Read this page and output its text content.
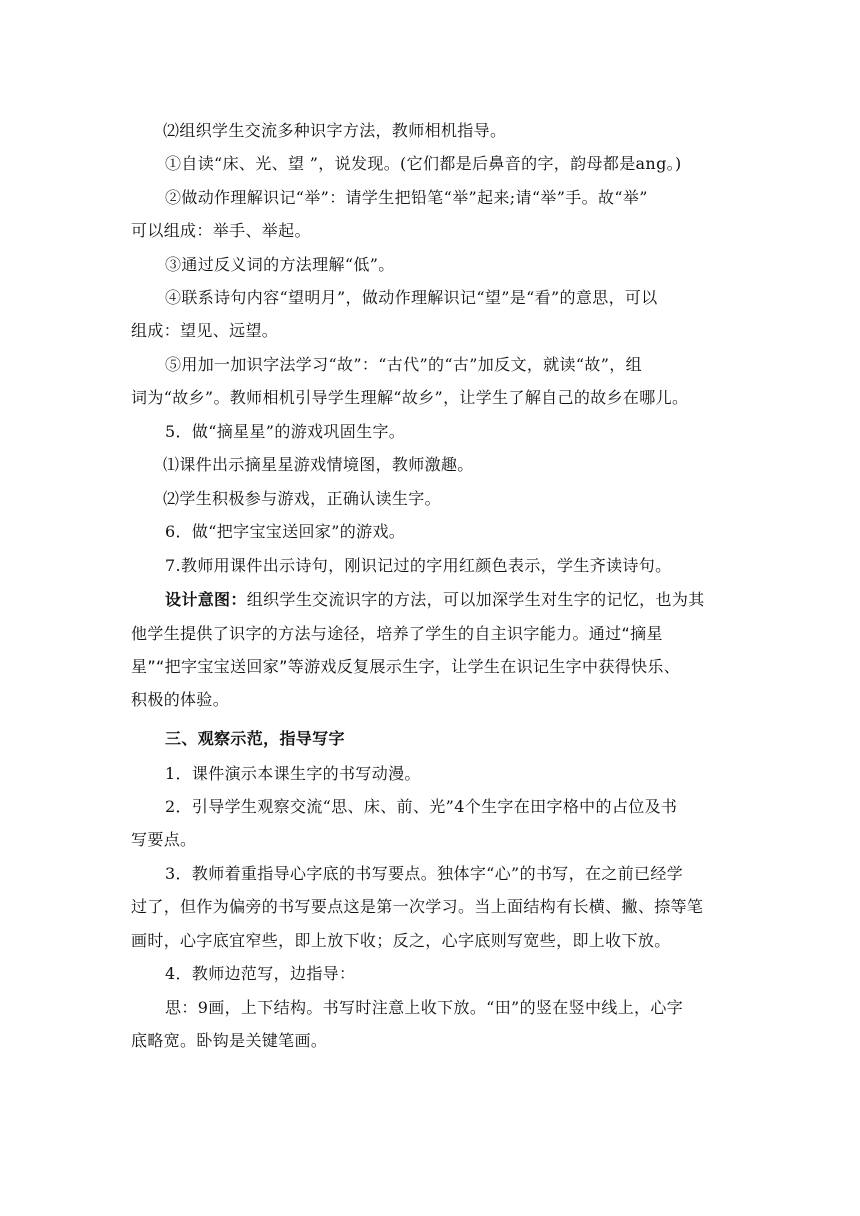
⑵组织学生交流多种识字方法，教师相机指导。
①自读“床、光、望 ”，说发现。(它们都是后鼻音的字，韵母都是ang。)
②做动作理解识记“举”：请学生把铅笔“举”起来;请“举”手。故“举”
可以组成：举手、举起。
③通过反义词的方法理解“低”。
④联系诗句内容“望明月”，做动作理解识记“望”是“看”的意思，可以
组成：望见、远望。
⑤用加一加识字法学习“故”：“古代”的“古”加反文，就读“故”，组
词为“故乡”。教师相机引导学生理解“故乡”，让学生了解自己的故乡在哪儿。
5．做“摘星星”的游戏巩固生字。
⑴课件出示摘星星游戏情境图，教师激趣。
⑵学生积极参与游戏，正确认读生字。
6．做“把字宝宝送回家”的游戏。
7.教师用课件出示诗句，刚识记过的字用红颜色表示，学生齐读诗句。
设计意图：组织学生交流识字的方法，可以加深学生对生字的记忆，也为其
他学生提供了识字的方法与途径，培养了学生的自主识字能力。通过“摘星
星”“把字宝宝送回家”等游戏反复展示生字，让学生在识记生字中获得快乐、
积极的体验。
三、观察示范，指导写字
1．课件演示本课生字的书写动漫。
2．引导学生观察交流“思、床、前、光”4个生字在田字格中的占位及书
写要点。
3．教师着重指导心字底的书写要点。独体字“心”的书写，在之前已经学
过了，但作为偏旁的书写要点这是第一次学习。当上面结构有长横、撇、捺等笔
画时，心字底宜窄些，即上放下收；反之，心字底则写宽些，即上收下放。
4．教师边范写，边指导：
思：9画，上下结构。书写时注意上收下放。“田”的竖在竖中线上，心字
底略宽。卧钩是关键笔画。
